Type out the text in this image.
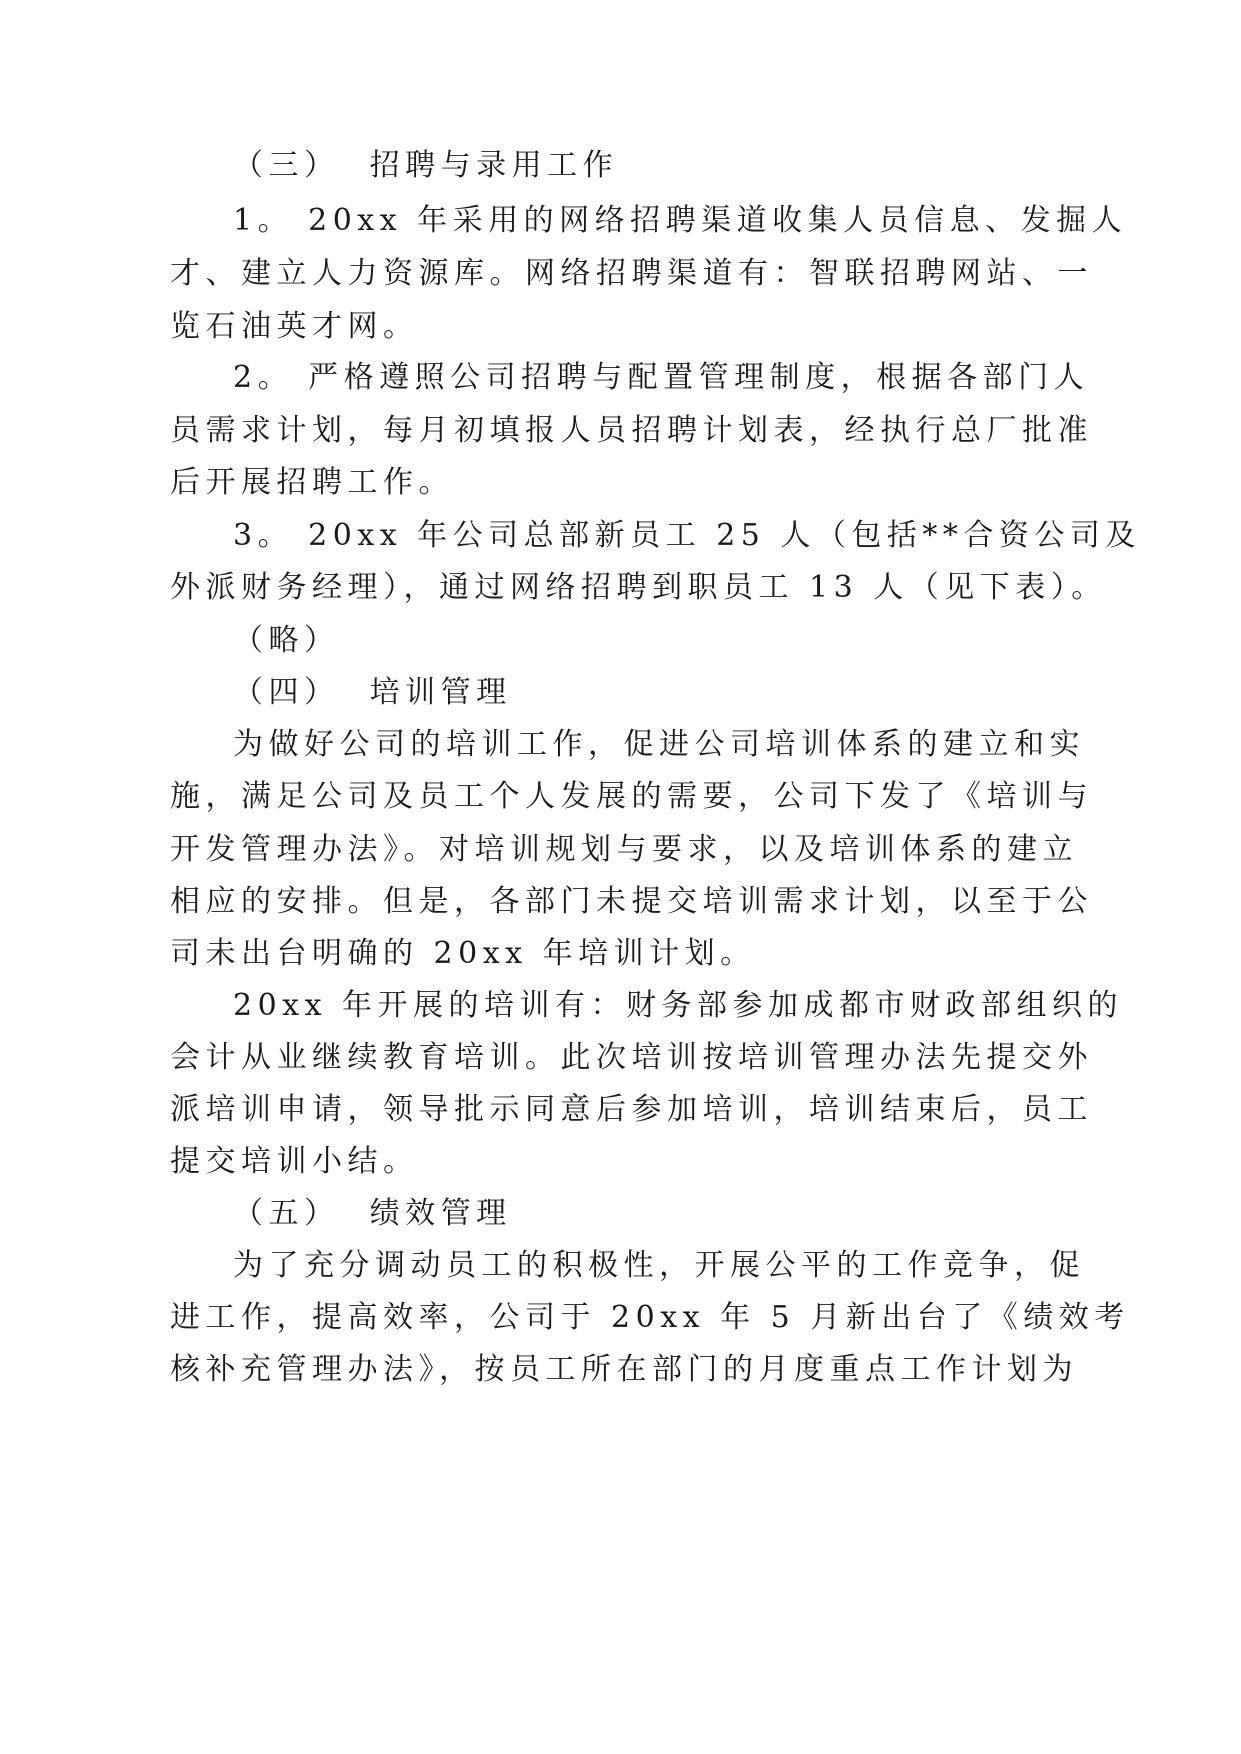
（三）  招聘与录用工作
1。 20xx 年采用的网络招聘渠道收集人员信息、发掘人
才、建立人力资源库。网络招聘渠道有：智联招聘网站、一
览石油英才网。
2。 严格遵照公司招聘与配置管理制度，根据各部门人
员需求计划，每月初填报人员招聘计划表，经执行总厂批准
后开展招聘工作。
3。 20xx 年公司总部新员工 25 人（包括**合资公司及
外派财务经理），通过网络招聘到职员工 13 人（见下表）。
（略）
（四）  培训管理
为做好公司的培训工作，促进公司培训体系的建立和实
施，满足公司及员工个人发展的需要，公司下发了《培训与
开发管理办法》。对培训规划与要求，以及培训体系的建立
相应的安排。但是，各部门未提交培训需求计划，以至于公
司未出台明确的 20xx 年培训计划。
20xx 年开展的培训有：财务部参加成都市财政部组织的
会计从业继续教育培训。此次培训按培训管理办法先提交外
派培训申请，领导批示同意后参加培训，培训结束后，员工
提交培训小结。
（五）  绩效管理
为了充分调动员工的积极性，开展公平的工作竞争，促
进工作，提高效率，公司于 20xx 年 5 月新出台了《绩效考
核补充管理办法》，按员工所在部门的月度重点工作计划为
